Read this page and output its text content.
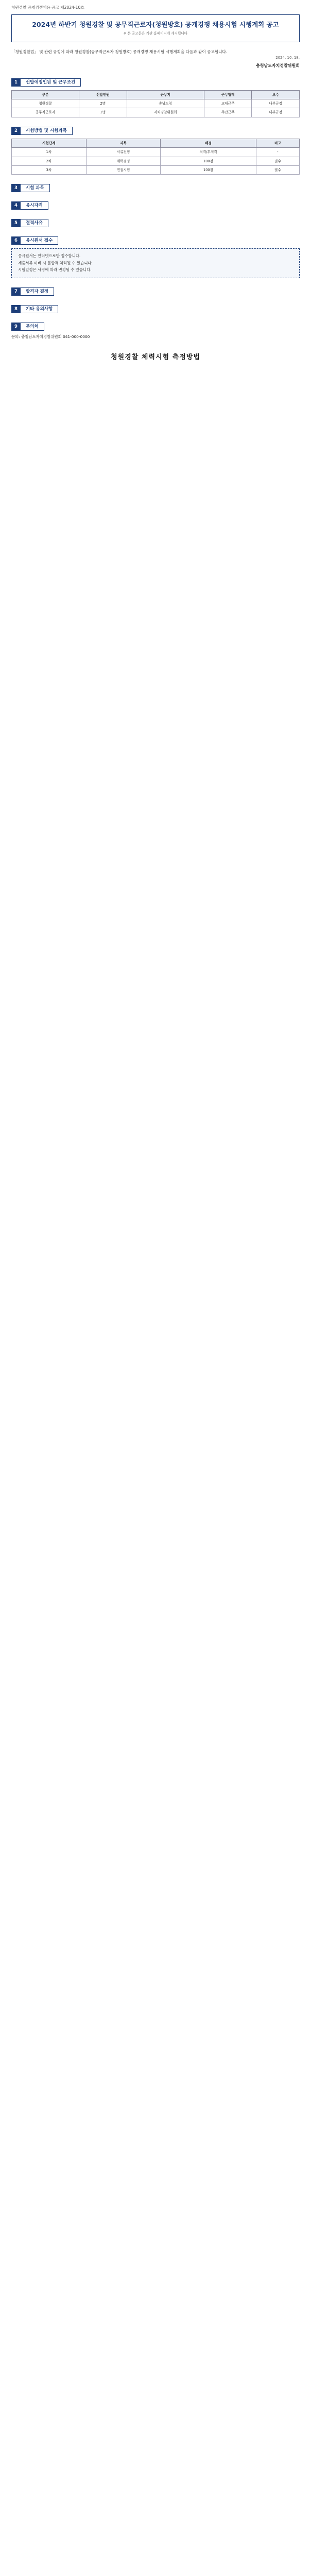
청원경찰 공개경쟁채용 공고 제2024-10호
2024년 하반기 청원경찰 및 공무직근로자(청원방호) 공개경쟁 채용시험 시행계획 공고
※ 본 공고문은 기관 홈페이지에 게시됩니다
「청원경찰법」 및 관련 규정에 따라 청원경찰(공무직근로자 청원방호) 공개경쟁 채용시험 시행계획을 다음과 같이 공고합니다.
2024. 10. 18.
충청남도자치경찰위원회
1	선발예정인원 및 근무조건
구분	선발인원	근무지	근무형태	보수
청원경찰	2명	충남도청	교대근무	내부규정
공무직근로자	1명	자치경찰위원회	주간근무	내부규정
2	시험방법 및 시험과목
시험단계	과목	배점	비고
1차	서류전형	적격/부적격	-
2차	체력검정	100점	필수
3차	면접시험	100점	필수
3	시험 과목
4	응시자격
5	결격사유
6	응시원서 접수
응시원서는 인터넷으로만 접수합니다.
제출서류 미비 시 불합격 처리될 수 있습니다.
시험일정은 사정에 따라 변경될 수 있습니다.
7	합격자 결정
8	기타 유의사항
9	문의처
문의: 충청남도자치경찰위원회 041-000-0000
청원경찰 체력시험 측정방법
